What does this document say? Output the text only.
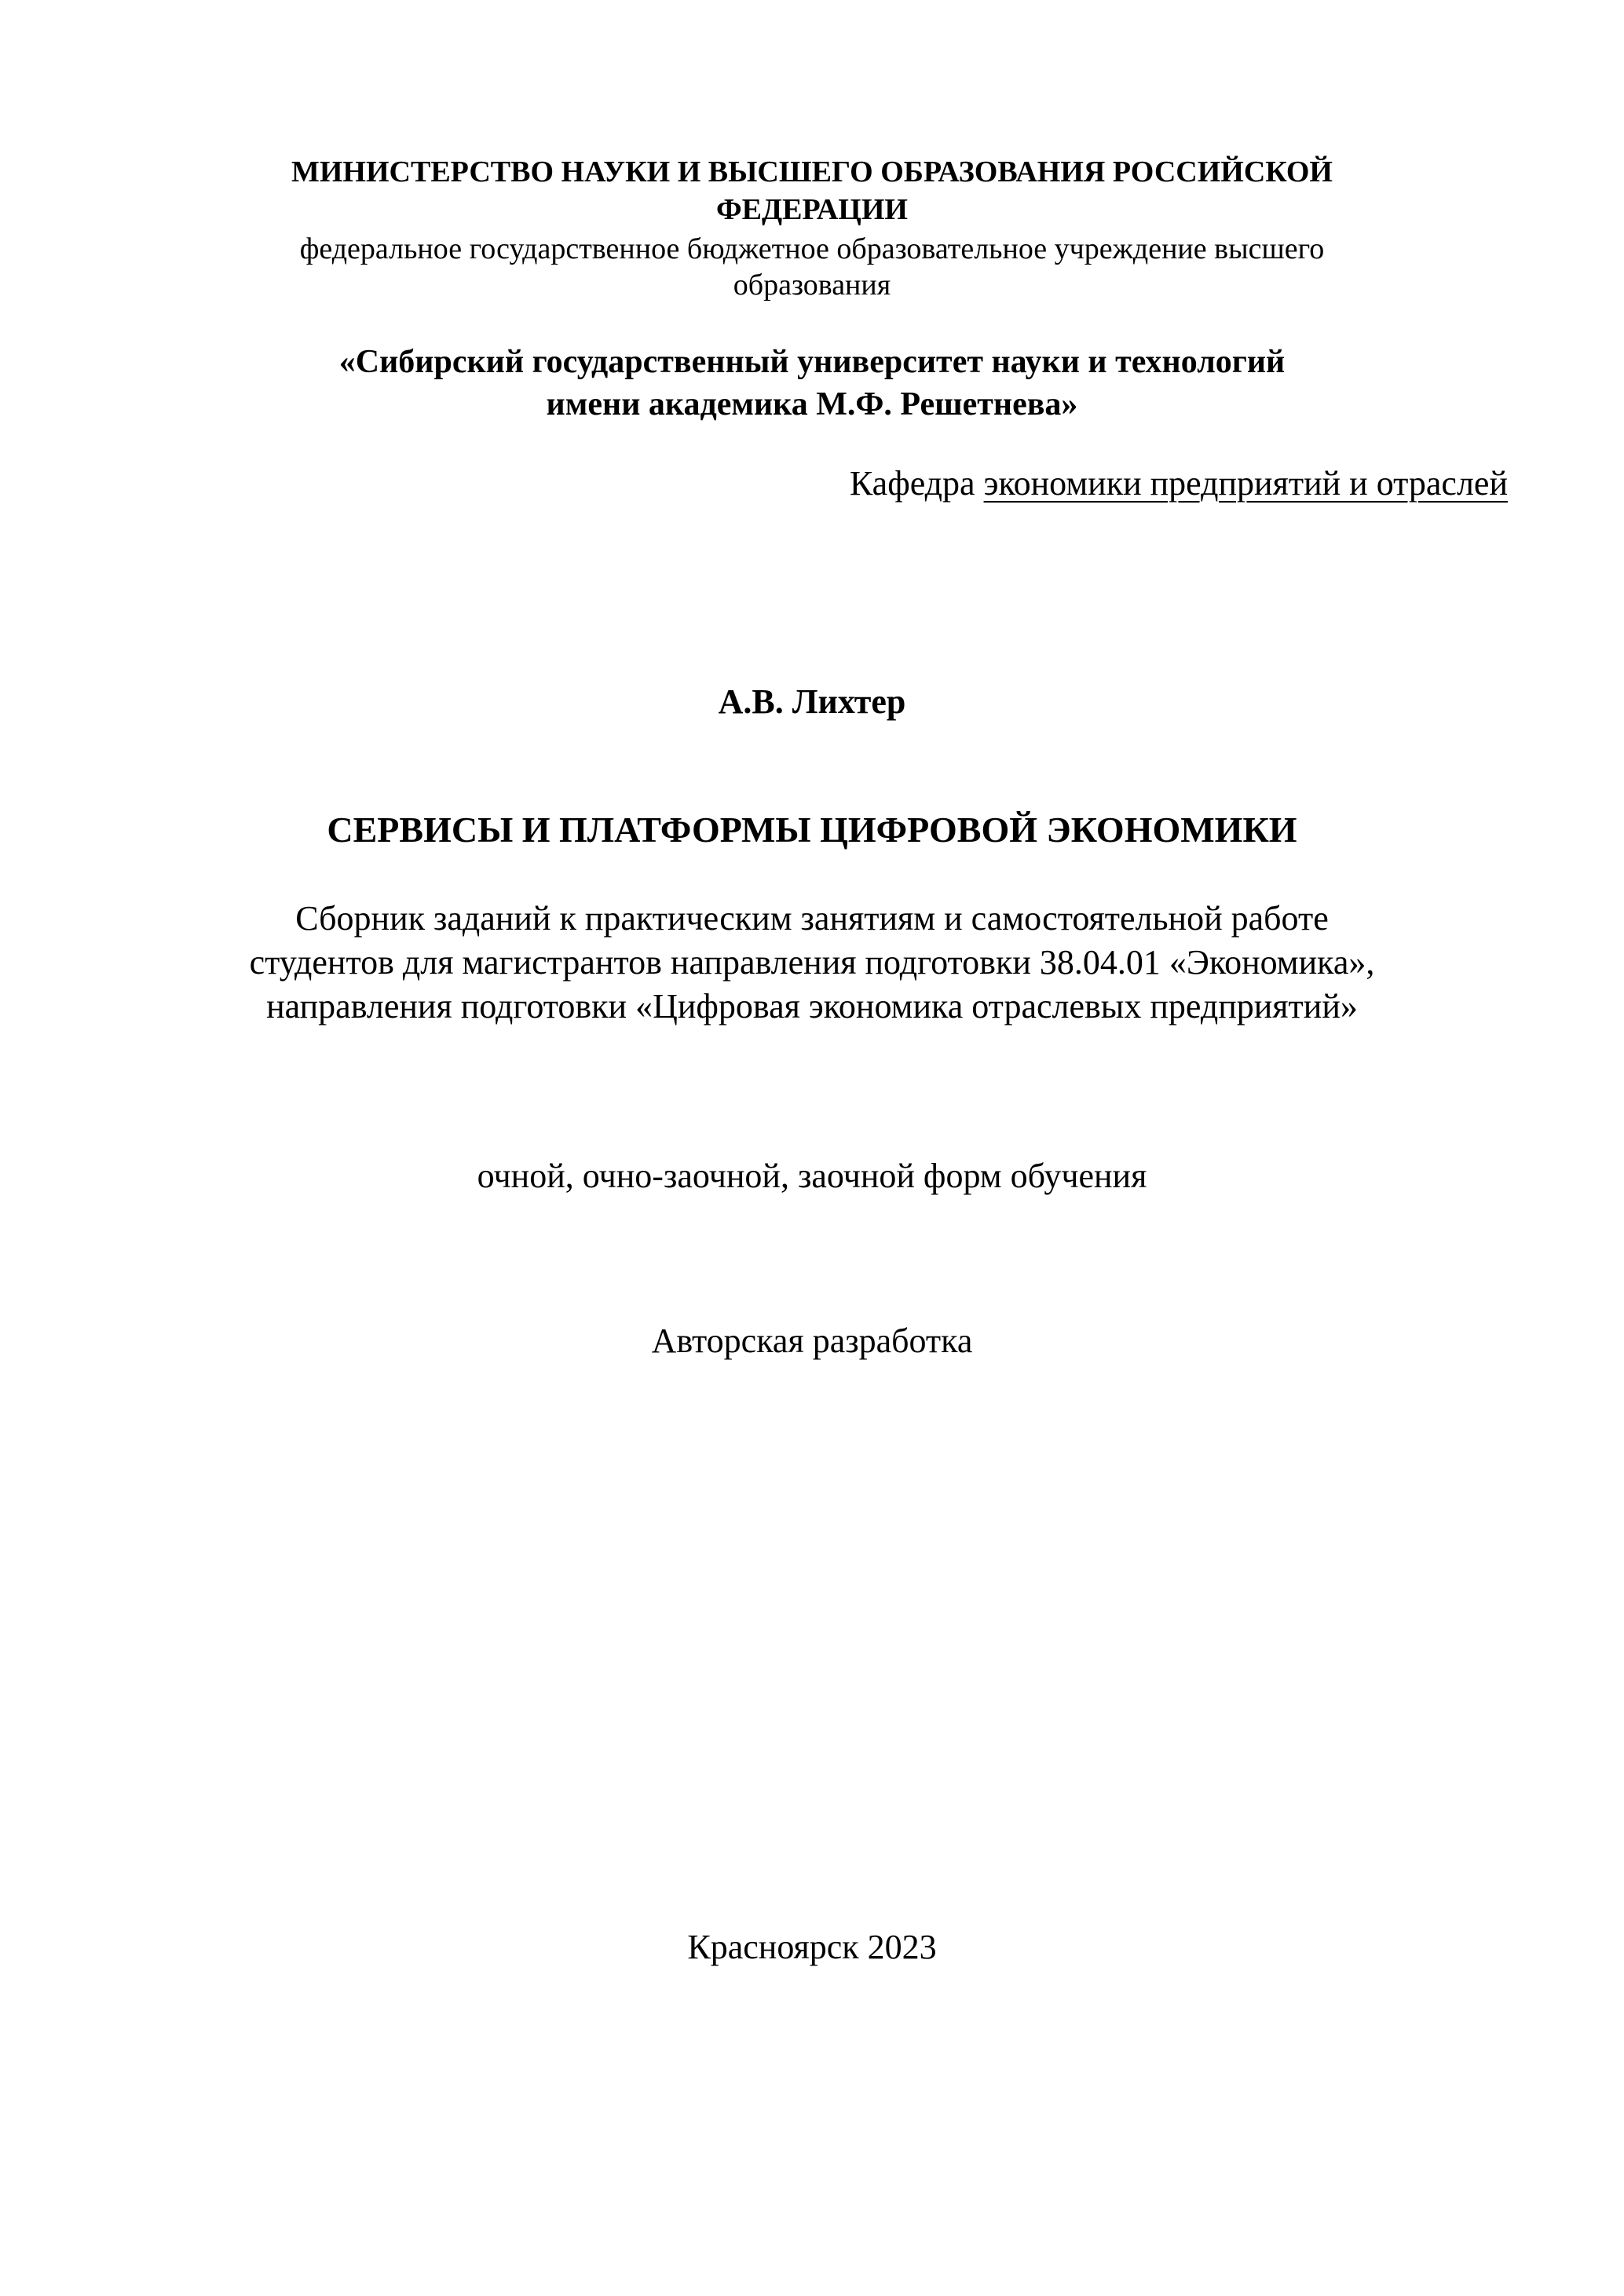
МИНИСТЕРСТВО НАУКИ И ВЫСШЕГО ОБРАЗОВАНИЯ РОССИЙСКОЙ
ФЕДЕРАЦИИ
федеральное государственное бюджетное образовательное учреждение высшего
образования
«Сибирский государственный университет науки и технологий
имени академика М.Ф. Решетнева»
Кафедра экономики предприятий и отраслей
А.В. Лихтер
СЕРВИСЫ И ПЛАТФОРМЫ ЦИФРОВОЙ ЭКОНОМИКИ
Сборник заданий к практическим занятиям и самостоятельной работе
студентов для магистрантов направления подготовки 38.04.01 «Экономика»,
направления подготовки «Цифровая экономика отраслевых предприятий»
очной, очно-заочной, заочной форм обучения
Авторская разработка
Красноярск 2023
